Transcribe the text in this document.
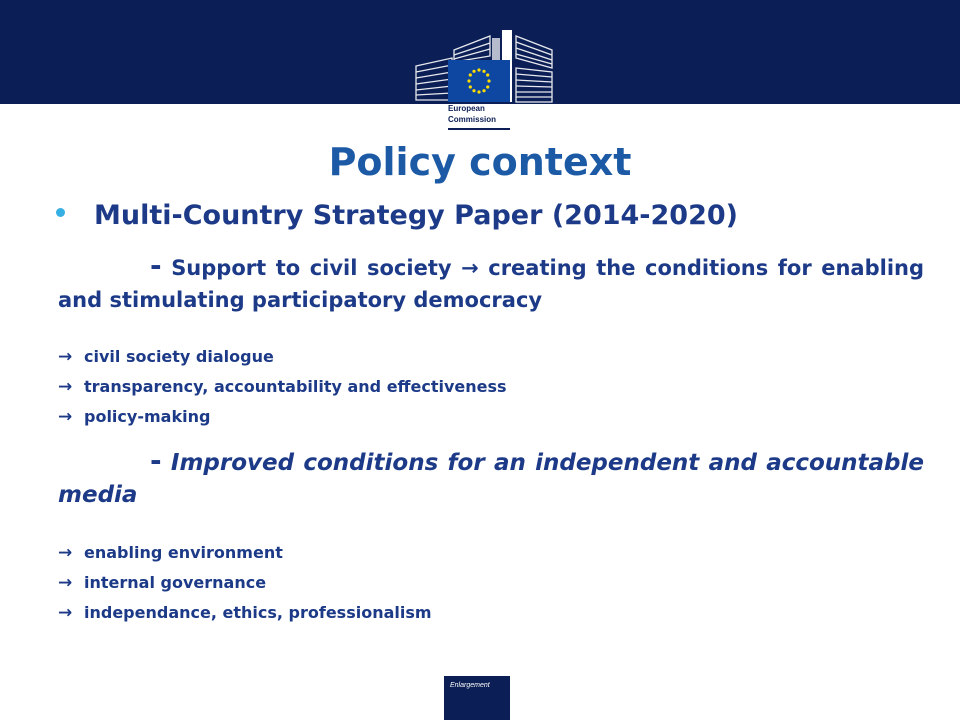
European
Commission
Policy context
Multi-Country Strategy Paper (2014-2020)

- Support to civil society → creating the conditions for enabling and stimulating participatory democracy

→ civil society dialogue
→ transparency, accountability and effectiveness
→ policy-making

- Improved conditions for an independent and accountable media

→ enabling environment
→ internal governance
→ independance, ethics, professionalism
Enlargement
